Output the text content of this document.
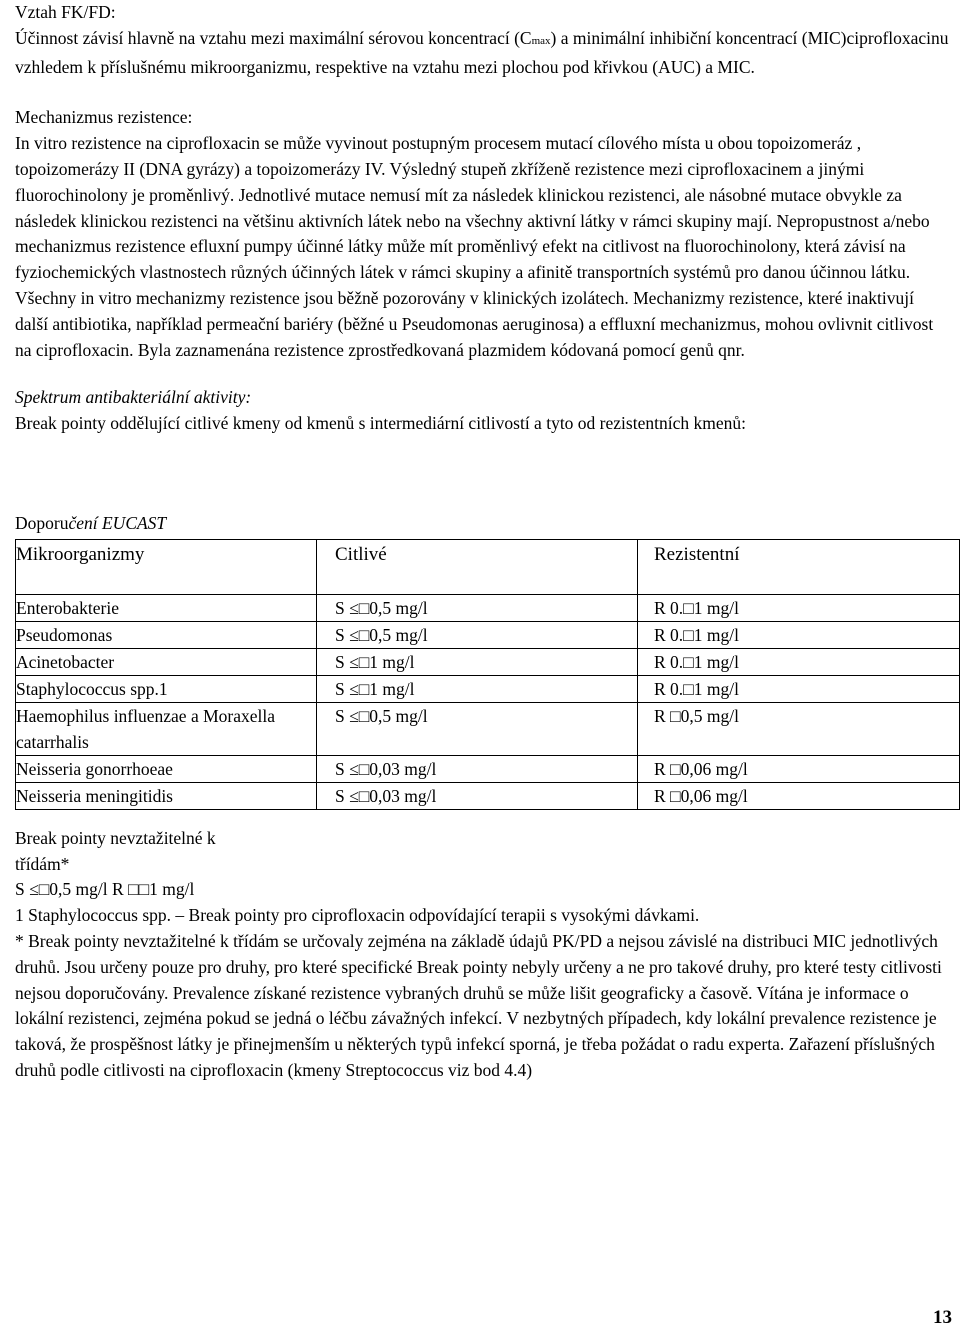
Vztah FK/FD:

Účinnost závisí hlavně na vztahu mezi maximální sérovou koncentrací (Cmax) a minimální inhibiční koncentrací (MIC)ciprofloxacinu vzhledem k příslušnému mikroorganizmu, respektive na vztahu mezi plochou pod křivkou (AUC) a MIC.

Mechanizmus rezistence:

In vitro rezistence na ciprofloxacin se může vyvinout postupným procesem mutací cílového místa u obou topoizomeráz , topoizomerázy II (DNA gyrázy) a topoizomerázy IV. Výsledný stupeň zkříženě rezistence mezi ciprofloxacinem a jinými fluorochinolony je proměnlivý. Jednotlivé mutace nemusí mít za následek klinickou rezistenci, ale násobné mutace obvykle za následek klinickou rezistenci na většinu aktivních látek nebo na všechny aktivní látky v rámci skupiny mají. Nepropustnost a/nebo mechanizmus rezistence efluxní pumpy účinné látky může mít proměnlivý efekt na citlivost na fluorochinolony, která závisí na fyziochemických vlastnostech různých účinných látek v rámci skupiny a afinitě transportních systémů pro danou účinnou látku. Všechny in vitro mechanizmy rezistence jsou běžně pozorovány v klinických izolátech. Mechanizmy rezistence, které inaktivují další antibiotika, například permeační bariéry (běžné u Pseudomonas aeruginosa) a effluxní mechanizmus, mohou ovlivnit citlivost na ciprofloxacin. Byla zaznamenána rezistence zprostředkovaná plazmidem kódovaná pomocí genů qnr.

Spektrum antibakteriální aktivity:

Break pointy oddělující citlivé kmeny od kmenů s intermediární citlivostí a tyto od rezistentních kmenů:

Doporučení EUCAST

Mikroorganizmy	Citlivé	Rezistentní
Enterobakterie	S ≤□0,5 mg/l	R 0.□1 mg/l
Pseudomonas	S ≤□0,5 mg/l	R 0.□1 mg/l
Acinetobacter	S ≤□1 mg/l	R 0.□1 mg/l
Staphylococcus spp.1	S ≤□1 mg/l	R 0.□1 mg/l
Haemophilus influenzae a Moraxella catarrhalis	S ≤□0,5 mg/l	R □0,5 mg/l
Neisseria gonorrhoeae	S ≤□0,03 mg/l	R □0,06 mg/l
Neisseria meningitidis	S ≤□0,03 mg/l	R □0,06 mg/l

Break pointy nevztažitelné k

třídám*

S ≤□0,5 mg/l R □□1 mg/l

1 Staphylococcus spp. – Break pointy pro ciprofloxacin odpovídající terapii s vysokými dávkami.

* Break pointy nevztažitelné k třídám se určovaly zejména na základě údajů PK/PD a nejsou závislé na distribuci MIC jednotlivých druhů. Jsou určeny pouze pro druhy, pro které specifické Break pointy nebyly určeny a ne pro takové druhy, pro které testy citlivosti nejsou doporučovány. Prevalence získané rezistence vybraných druhů se může lišit geograficky a časově. Vítána je informace o lokální rezistenci, zejména pokud se jedná o léčbu závažných infekcí. V nezbytných případech, kdy lokální prevalence rezistence je taková, že prospěšnost látky je přinejmenším u některých typů infekcí sporná, je třeba požádat o radu experta. Zařazení příslušných druhů podle citlivosti na ciprofloxacin (kmeny Streptococcus viz bod 4.4)

13
